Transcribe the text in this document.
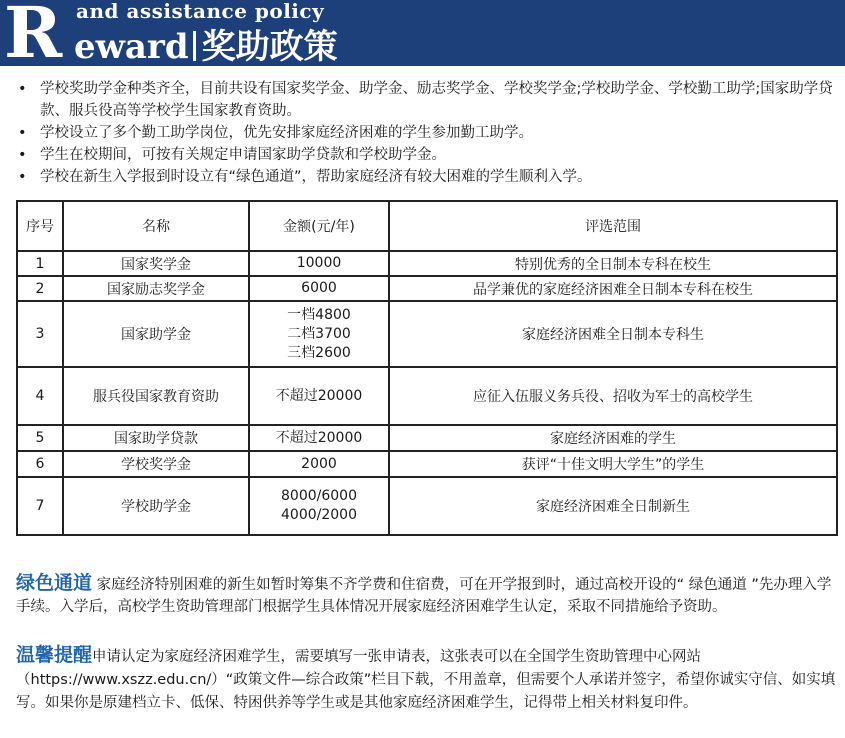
R and assistance policy
eward 奖助政策
• 学校奖助学金种类齐全，目前共设有国家奖学金、助学金、励志奖学金、学校奖学金;学校助学金、学校勤工助学;国家助学贷款、服兵役高等学校学生国家教育资助。
• 学校设立了多个勤工助学岗位，优先安排家庭经济困难的学生参加勤工助学。
• 学生在校期间，可按有关规定申请国家助学贷款和学校助学金。
• 学校在新生入学报到时设立有“绿色通道”，帮助家庭经济有较大困难的学生顺利入学。
序号	名称	金额(元/年)	评选范围
1	国家奖学金	10000	特别优秀的全日制本专科在校生
2	国家励志奖学金	6000	品学兼优的家庭经济困难全日制本专科在校生
3	国家助学金	一档4800
二档3700
三档2600	家庭经济困难全日制本专科生
4	服兵役国家教育资助	不超过20000	应征入伍服义务兵役、招收为军士的高校学生
5	国家助学贷款	不超过20000	家庭经济困难的学生
6	学校奖学金	2000	获评“十佳文明大学生”的学生
7	学校助学金	8000/6000
4000/2000	家庭经济困难全日制新生
绿色通道 家庭经济特别困难的新生如暂时筹集不齐学费和住宿费，可在开学报到时，通过高校开设的“ 绿色通道 ”先办理入学手续。入学后，高校学生资助管理部门根据学生具体情况开展家庭经济困难学生认定，采取不同措施给予资助。
温馨提醒申请认定为家庭经济困难学生，需要填写一张申请表，这张表可以在全国学生资助管理中心网站（https://www.xszz.edu.cn/）“政策文件—综合政策”栏目下载，不用盖章，但需要个人承诺并签字，希望你诚实守信、如实填写。如果你是原建档立卡、低保、特困供养等学生或是其他家庭经济困难学生，记得带上相关材料复印件。
